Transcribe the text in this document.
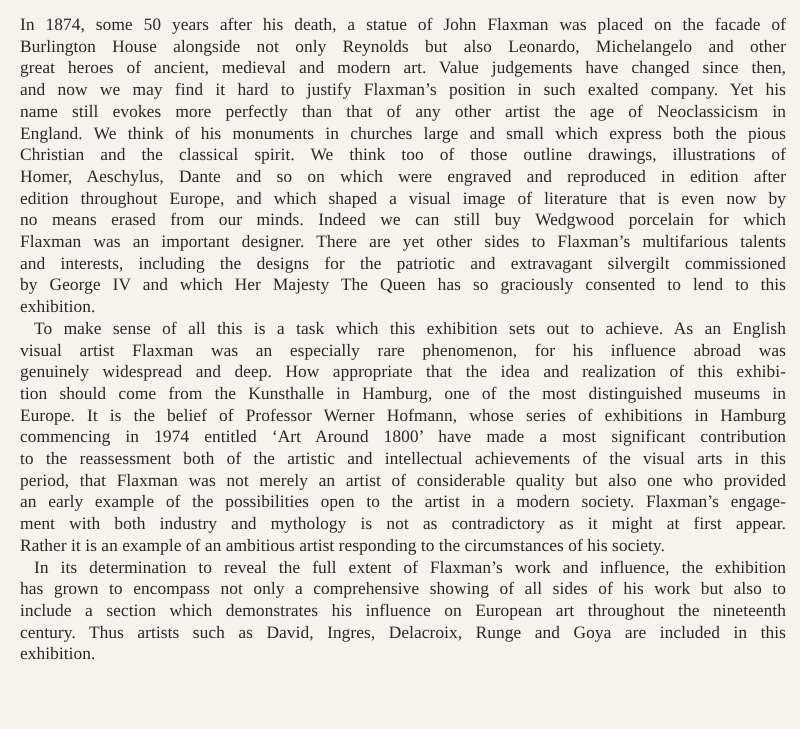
In 1874, some 50 years after his death, a statue of John Flaxman was placed on the facade of
Burlington House alongside not only Reynolds but also Leonardo, Michelangelo and other
great heroes of ancient, medieval and modern art. Value judgements have changed since then,
and now we may find it hard to justify Flaxman’s position in such exalted company. Yet his
name still evokes more perfectly than that of any other artist the age of Neoclassicism in
England. We think of his monuments in churches large and small which express both the pious
Christian and the classical spirit. We think too of those outline drawings, illustrations of
Homer, Aeschylus, Dante and so on which were engraved and reproduced in edition after
edition throughout Europe, and which shaped a visual image of literature that is even now by
no means erased from our minds. Indeed we can still buy Wedgwood porcelain for which
Flaxman was an important designer. There are yet other sides to Flaxman’s multifarious talents
and interests, including the designs for the patriotic and extravagant silvergilt commissioned
by George IV and which Her Majesty The Queen has so graciously consented to lend to this
exhibition.
To make sense of all this is a task which this exhibition sets out to achieve. As an English
visual artist Flaxman was an especially rare phenomenon, for his influence abroad was
genuinely widespread and deep. How appropriate that the idea and realization of this exhibi-
tion should come from the Kunsthalle in Hamburg, one of the most distinguished museums in
Europe. It is the belief of Professor Werner Hofmann, whose series of exhibitions in Hamburg
commencing in 1974 entitled ‘Art Around 1800’ have made a most significant contribution
to the reassessment both of the artistic and intellectual achievements of the visual arts in this
period, that Flaxman was not merely an artist of considerable quality but also one who provided
an early example of the possibilities open to the artist in a modern society. Flaxman’s engage-
ment with both industry and mythology is not as contradictory as it might at first appear.
Rather it is an example of an ambitious artist responding to the circumstances of his society.
In its determination to reveal the full extent of Flaxman’s work and influence, the exhibition
has grown to encompass not only a comprehensive showing of all sides of his work but also to
include a section which demonstrates his influence on European art throughout the nineteenth
century. Thus artists such as David, Ingres, Delacroix, Runge and Goya are included in this
exhibition.
